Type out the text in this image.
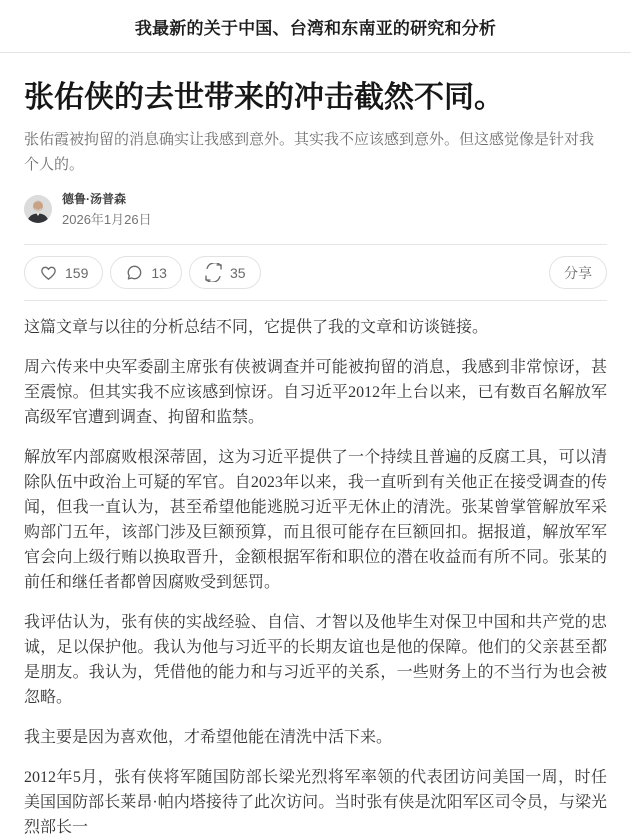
我最新的关于中国、台湾和东南亚的研究和分析
张佑侠的去世带来的冲击截然不同。
张佑霞被拘留的消息确实让我感到意外。其实我不应该感到意外。但这感觉像是针对我个人的。
德鲁·汤普森
2026年1月26日
159	13	35	分享

这篇文章与以往的分析总结不同，它提供了我的文章和访谈链接。

周六传来中央军委副主席张有侠被调查并可能被拘留的消息，我感到非常惊讶，甚至震惊。但其实我不应该感到惊讶。自习近平2012年上台以来，已有数百名解放军高级军官遭到调查、拘留和监禁。

解放军内部腐败根深蒂固，这为习近平提供了一个持续且普遍的反腐工具，可以清除队伍中政治上可疑的军官。自2023年以来，我一直听到有关他正在接受调查的传闻，但我一直认为，甚至希望他能逃脱习近平无休止的清洗。张某曾掌管解放军采购部门五年，该部门涉及巨额预算，而且很可能存在巨额回扣。据报道，解放军军官会向上级行贿以换取晋升，金额根据军衔和职位的潜在收益而有所不同。张某的前任和继任者都曾因腐败受到惩罚。

我评估认为，张有侠的实战经验、自信、才智以及他毕生对保卫中国和共产党的忠诚，足以保护他。我认为他与习近平的长期友谊也是他的保障。他们的父亲甚至都是朋友。我认为，凭借他的能力和与习近平的关系，一些财务上的不当行为也会被忽略。

我主要是因为喜欢他，才希望他能在清洗中活下来。

2012年5月，张有侠将军随国防部长梁光烈将军率领的代表团访问美国一周，时任美国国防部长莱昂·帕内塔接待了此次访问。当时张有侠是沈阳军区司令员，与梁光烈部长一
